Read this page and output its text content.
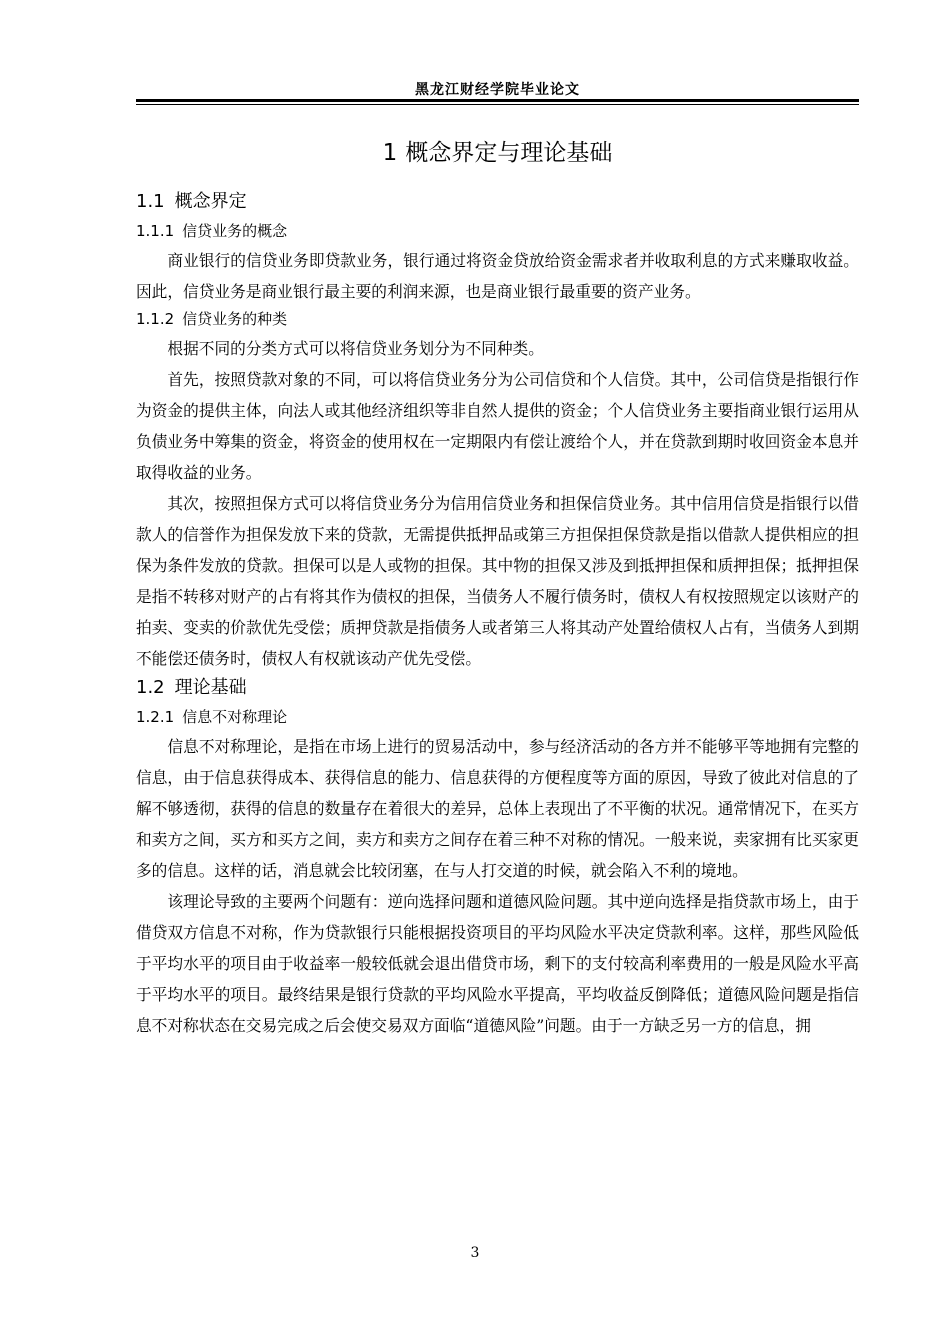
黑龙江财经学院毕业论文
1 概念界定与理论基础
1.1 概念界定
1.1.1 信贷业务的概念

商业银行的信贷业务即贷款业务，银行通过将资金贷放给资金需求者并收取利息的方式来赚取收益。因此，信贷业务是商业银行最主要的利润来源，也是商业银行最重要的资产业务。

1.1.2 信贷业务的种类

根据不同的分类方式可以将信贷业务划分为不同种类。

首先，按照贷款对象的不同，可以将信贷业务分为公司信贷和个人信贷。其中，公司信贷是指银行作为资金的提供主体，向法人或其他经济组织等非自然人提供的资金；个人信贷业务主要指商业银行运用从负债业务中筹集的资金，将资金的使用权在一定期限内有偿让渡给个人，并在贷款到期时收回资金本息并取得收益的业务。

其次，按照担保方式可以将信贷业务分为信用信贷业务和担保信贷业务。其中信用信贷是指银行以借款人的信誉作为担保发放下来的贷款，无需提供抵押品或第三方担保担保贷款是指以借款人提供相应的担保为条件发放的贷款。担保可以是人或物的担保。其中物的担保又涉及到抵押担保和质押担保；抵押担保是指不转移对财产的占有将其作为债权的担保，当债务人不履行债务时，债权人有权按照规定以该财产的拍卖、变卖的价款优先受偿；质押贷款是指债务人或者第三人将其动产处置给债权人占有，当债务人到期不能偿还债务时，债权人有权就该动产优先受偿。

1.2 理论基础
1.2.1 信息不对称理论

信息不对称理论，是指在市场上进行的贸易活动中，参与经济活动的各方并不能够平等地拥有完整的信息，由于信息获得成本、获得信息的能力、信息获得的方便程度等方面的原因，导致了彼此对信息的了解不够透彻，获得的信息的数量存在着很大的差异，总体上表现出了不平衡的状况。通常情况下，在买方和卖方之间，买方和买方之间，卖方和卖方之间存在着三种不对称的情况。一般来说，卖家拥有比买家更多的信息。这样的话，消息就会比较闭塞，在与人打交道的时候，就会陷入不利的境地。

该理论导致的主要两个问题有：逆向选择问题和道德风险问题。其中逆向选择是指贷款市场上，由于借贷双方信息不对称，作为贷款银行只能根据投资项目的平均风险水平决定贷款利率。这样，那些风险低于平均水平的项目由于收益率一般较低就会退出借贷市场，剩下的支付较高利率费用的一般是风险水平高于平均水平的项目。最终结果是银行贷款的平均风险水平提高，平均收益反倒降低；道德风险问题是指信息不对称状态在交易完成之后会使交易双方面临“道德风险”问题。由于一方缺乏另一方的信息，拥

3
